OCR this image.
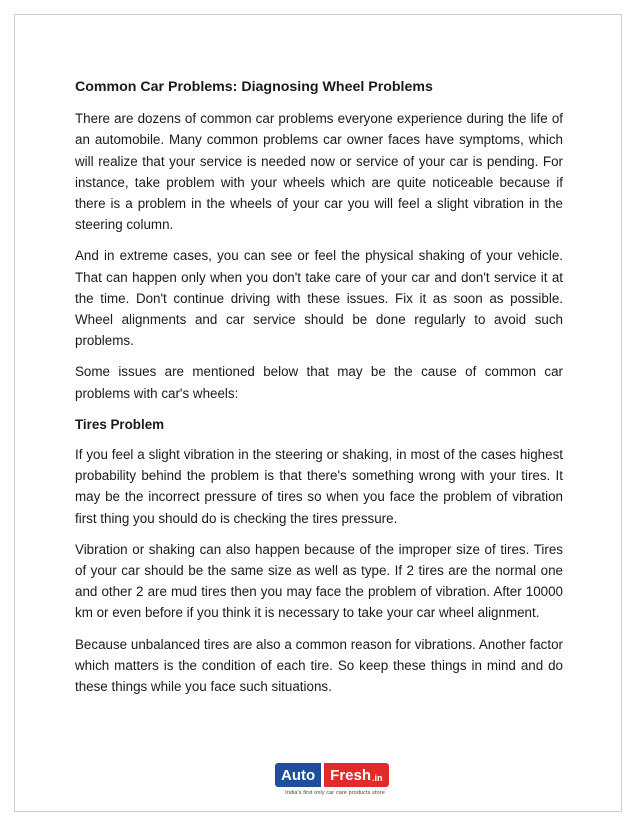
Common Car Problems: Diagnosing Wheel Problems

There are dozens of common car problems everyone experience during the life of an automobile. Many common problems car owner faces have symptoms, which will realize that your service is needed now or service of your car is pending. For instance, take problem with your wheels which are quite noticeable because if there is a problem in the wheels of your car you will feel a slight vibration in the steering column.

And in extreme cases, you can see or feel the physical shaking of your vehicle. That can happen only when you don't take care of your car and don't service it at the time. Don't continue driving with these issues. Fix it as soon as possible. Wheel alignments and car service should be done regularly to avoid such problems.

Some issues are mentioned below that may be the cause of common car problems with car's wheels:

Tires Problem

If you feel a slight vibration in the steering or shaking, in most of the cases highest probability behind the problem is that there's something wrong with your tires. It may be the incorrect pressure of tires so when you face the problem of vibration first thing you should do is checking the tires pressure.

Vibration or shaking can also happen because of the improper size of tires. Tires of your car should be the same size as well as type. If 2 tires are the normal one and other 2 are mud tires then you may face the problem of vibration. After 10000 km or even before if you think it is necessary to take your car wheel alignment.

Because unbalanced tires are also a common reason for vibrations. Another factor which matters is the condition of each tire. So keep these things in mind and do these things while you face such situations.

Auto	Fresh .in
India's first only car care products store
